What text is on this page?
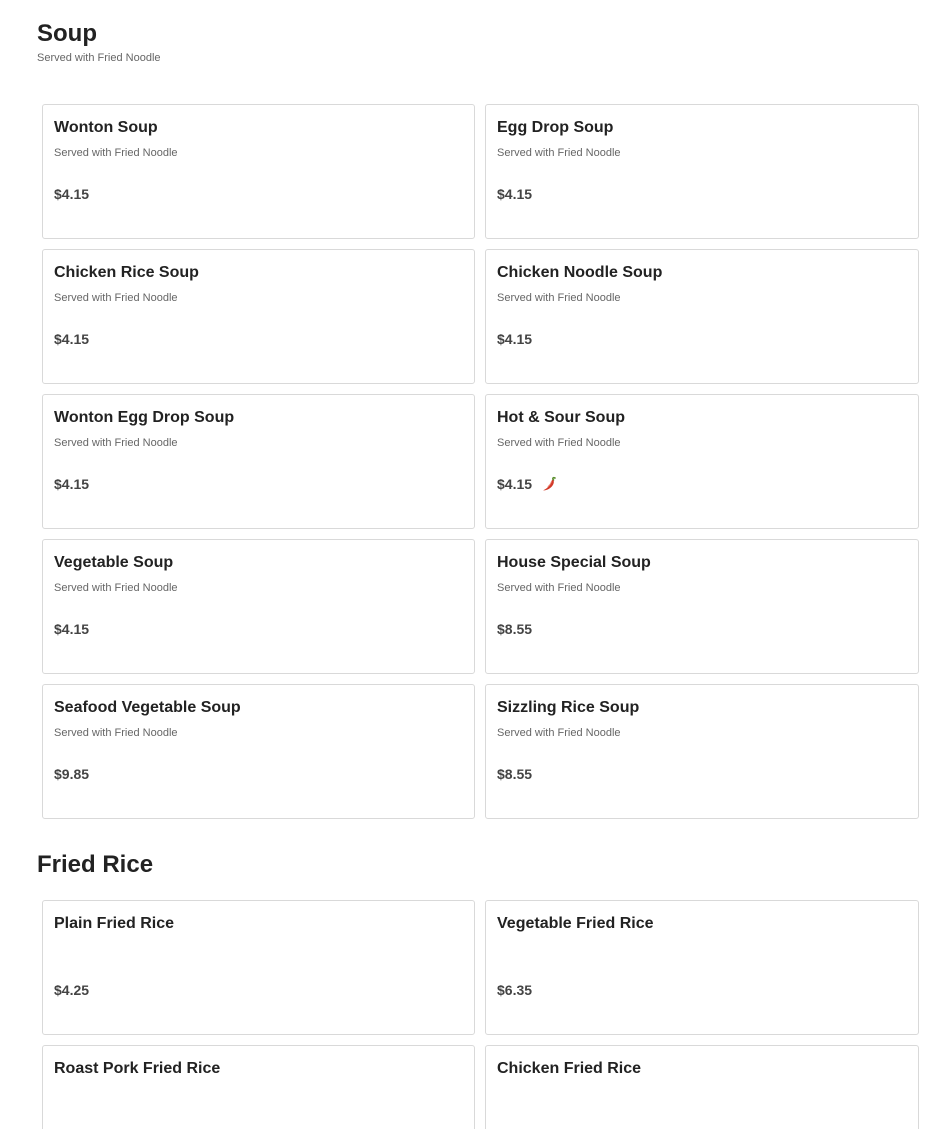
Soup
Served with Fried Noodle
Wonton Soup
Served with Fried Noodle
$4.15
Egg Drop Soup
Served with Fried Noodle
$4.15
Chicken Rice Soup
Served with Fried Noodle
$4.15
Chicken Noodle Soup
Served with Fried Noodle
$4.15
Wonton Egg Drop Soup
Served with Fried Noodle
$4.15
Hot & Sour Soup
Served with Fried Noodle
$4.15
Vegetable Soup
Served with Fried Noodle
$4.15
House Special Soup
Served with Fried Noodle
$8.55
Seafood Vegetable Soup
Served with Fried Noodle
$9.85
Sizzling Rice Soup
Served with Fried Noodle
$8.55
Fried Rice
Plain Fried Rice
$4.25
Vegetable Fried Rice
$6.35
Roast Pork Fried Rice	Chicken Fried Rice
